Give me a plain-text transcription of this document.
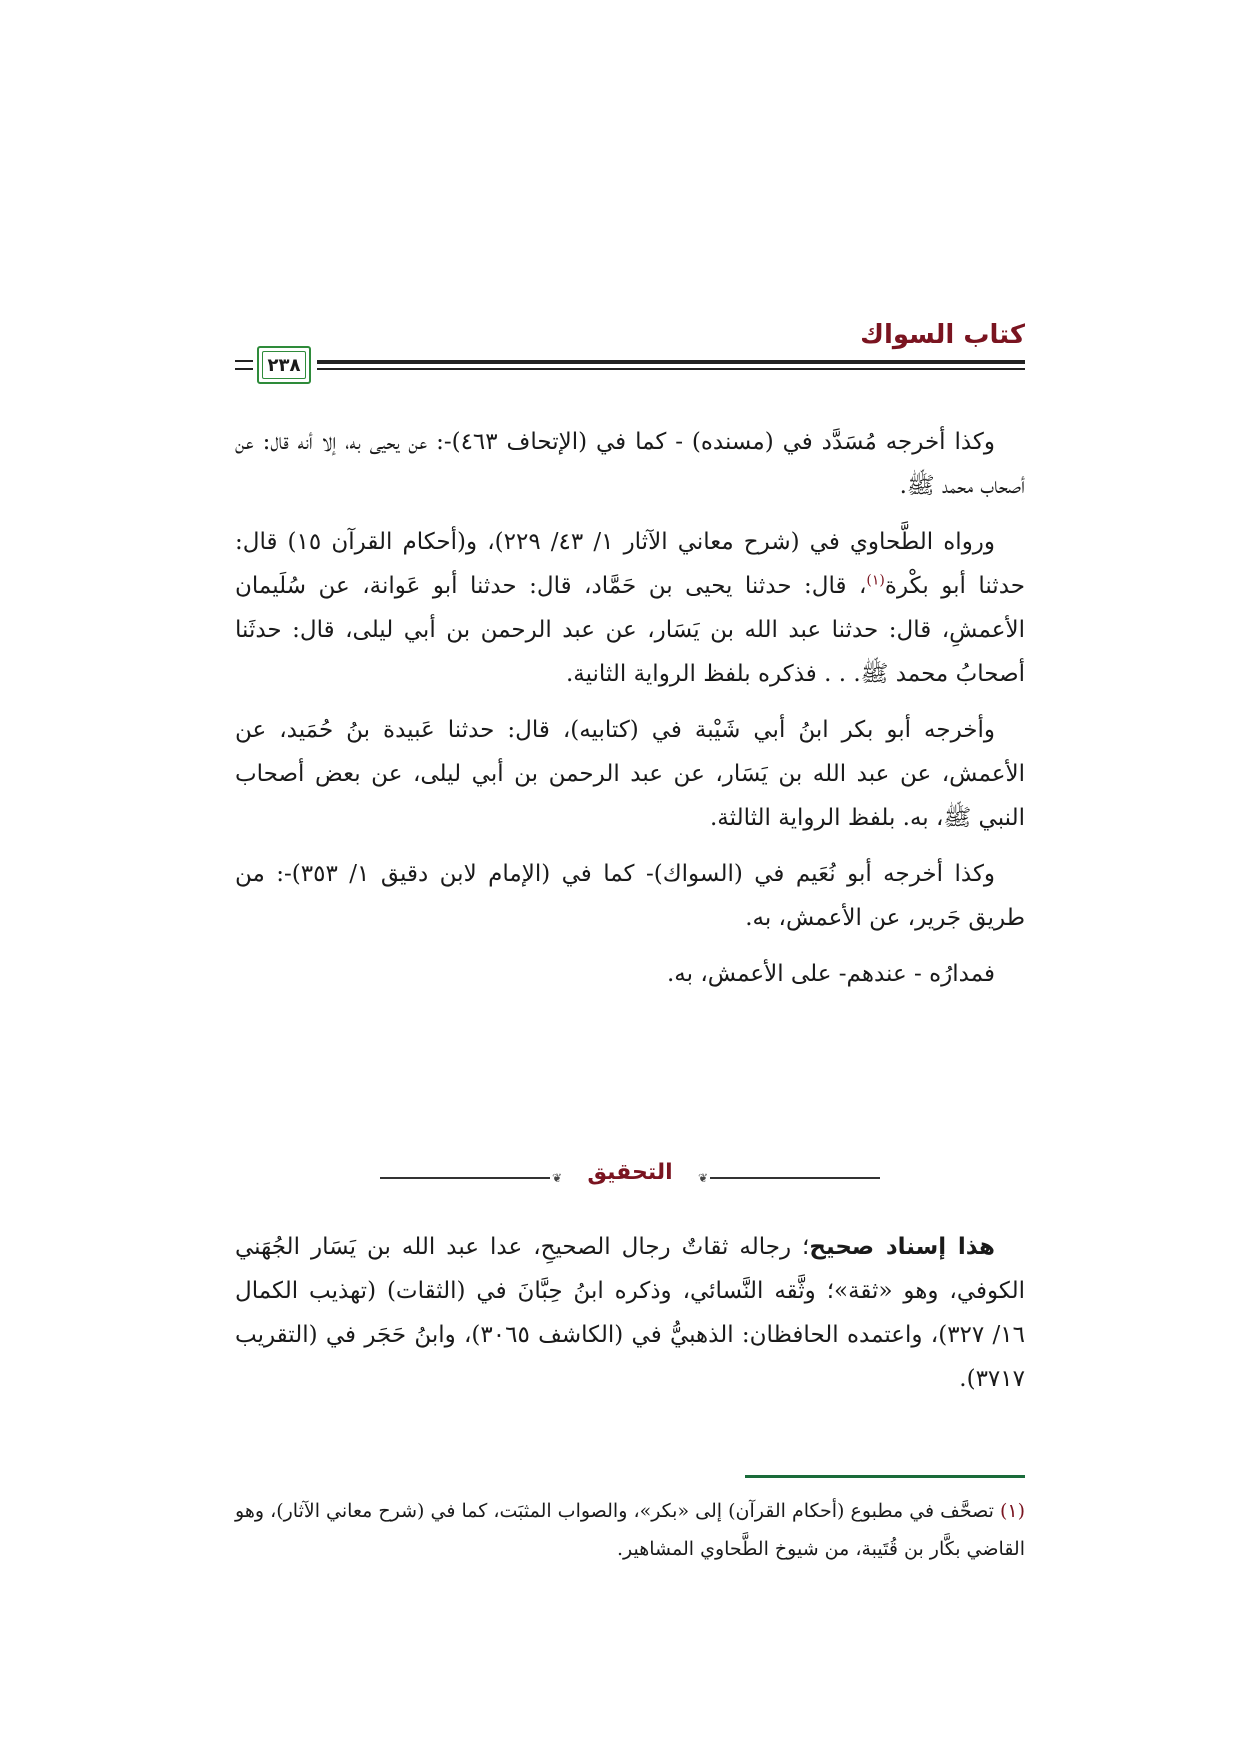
كتاب السواك
٢٣٨

وكذا أخرجه مُسَدَّد في (مسنده) - كما في (الإتحاف ٤٦٣)-: عن يحيى به، إلا أنه قال: عن أصحاب محمد ﷺ.

ورواه الطَّحاوي في (شرح معاني الآثار ١/ ٤٣/ ٢٢٩)، و(أحكام القرآن ١٥) قال: حدثنا أبو بكْرة$^{(١)}$، قال: حدثنا يحيى بن حَمَّاد، قال: حدثنا أبو عَوانة، عن سُلَيمان الأعمشِ، قال: حدثنا عبد الله بن يَسَار، عن عبد الرحمن بن أبي ليلى، قال: حدثَنا أصحابُ محمد ﷺ. . . فذكره بلفظ الرواية الثانية.

وأخرجه أبو بكر ابنُ أبي شَيْبة في (كتابيه)، قال: حدثنا عَبيدة بنُ حُمَيد، عن الأعمش، عن عبد الله بن يَسَار، عن عبد الرحمن بن أبي ليلى، عن بعض أصحاب النبي ﷺ، به. بلفظ الرواية الثالثة.

وكذا أخرجه أبو نُعَيم في (السواك)- كما في (الإمام لابن دقيق ١/ ٣٥٣)-: من طريق جَرير، عن الأعمش، به.

فمدارُه - عندهم- على الأعمش، به.

❦ التحقيق ❦

هذا إسناد صحيح؛ رجاله ثقاتٌ رجال الصحيحِ، عدا عبد الله بن يَسَار الجُهَني الكوفي، وهو «ثقة»؛ وثَّقه النَّسائي، وذكره ابنُ حِبَّانَ في (الثقات) (تهذيب الكمال ١٦/ ٣٢٧)، واعتمده الحافظان: الذهبيُّ في (الكاشف ٣٠٦٥)، وابنُ حَجَر في (التقريب ٣٧١٧).

(١) تصحَّف في مطبوع (أحكام القرآن) إلى «بكر»، والصواب المثبَت، كما في (شرح معاني الآثار)، وهو القاضي بكَّار بن قُتَيبة، من شيوخ الطَّحاوي المشاهير.
